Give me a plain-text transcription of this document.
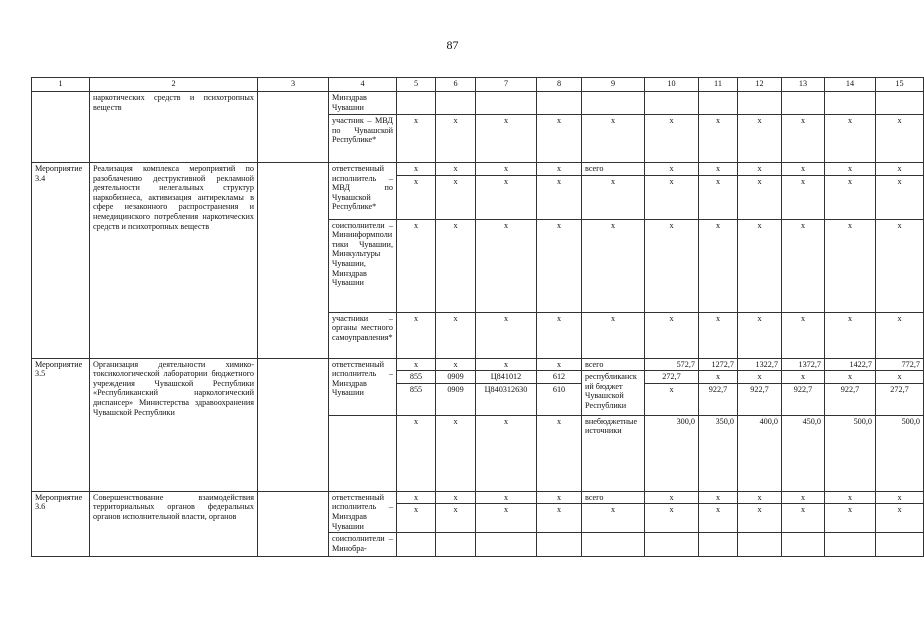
87
1	2	3	4	5	6	7	8	9	10	11	12	13	14	15
	наркотических средств и психотропных веществ		Минздрав Чувашии											
			участник – МВД по Чувашской Республике*	x	x	x	x	x	x	x	x	x	x	x
Мероприятие 3.4	Реализация комплекса мероприятий по разоблачению деструктивной рекламной деятельности нелегальных структур наркобизнеса, активизация антирекламы в сфере незаконного распространения и немедицинского потребления наркотических средств и психотропных веществ		ответственный исполнитель – МВД по Чувашской Республике*	x	x	x	x	всего	x	x	x	x	x	x
				x	x	x	x	x	x	x	x	x	x	x
			соисполнители – Мининформполитики Чувашии, Минкультуры Чувашии, Минздрав Чувашии	x	x	x	x	x	x	x	x	x	x	x
			участники – органы местного самоуправления*	x	x	x	x	x	x	x	x	x	x	x
Мероприятие 3.5	Организация деятельности химико-токсикологической лаборатории бюджетного учреждения Чувашской Республики «Республиканский наркологический диспансер» Министерства здравоохранения Чувашской Республики		ответственный исполнитель – Минздрав Чувашии	x	x	x	x	всего	572,7	1272,7	1322,7	1372,7	1422,7	772,7
				855	0909	Ц841012	612	республиканский бюджет Чувашской Республики	272,7	x	x	x	x	x
				855	0909	Ц840312630	610		x	922,7	922,7	922,7	922,7	272,7
				x	x	x	x	внебюджетные источники	300,0	350,0	400,0	450,0	500,0	500,0
Мероприятие 3.6	Совершенствование взаимодействия территориальных органов федеральных органов исполнительной власти, органов		ответственный исполнитель – Минздрав Чувашии	x	x	x	x	всего	x	x	x	x	x	x
				x	x	x	x	x	x	x	x	x	x	x
			соисполнители – Минобра-											
